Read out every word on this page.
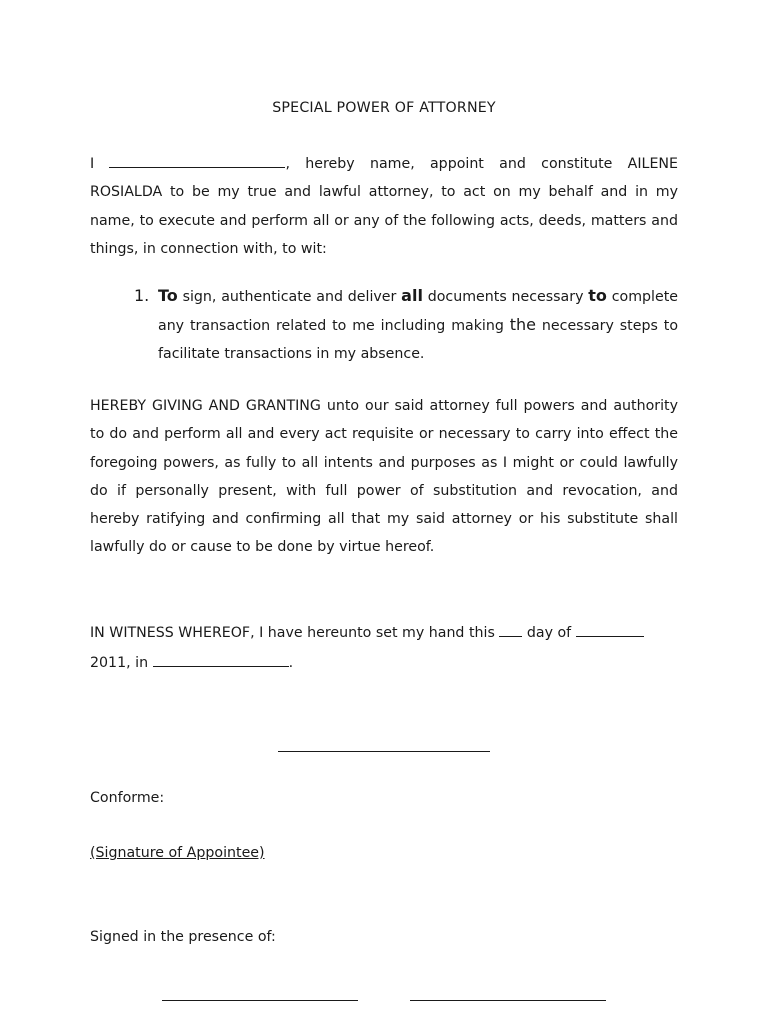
SPECIAL POWER OF ATTORNEY

I	, hereby name, appoint and constitute AILENE ROSIALDA to be my true and lawful attorney, to act on my behalf and in my name, to execute and perform all or any of the following acts, deeds, matters and things, in connection with, to wit:

1. To sign, authenticate and deliver all documents necessary to complete any transaction related to me including making the necessary steps to facilitate transactions in my absence.

HEREBY GIVING AND GRANTING unto our said attorney full powers and authority to do and perform all and every act requisite or necessary to carry into effect the foregoing powers, as fully to all intents and purposes as I might or could lawfully do if personally present, with full power of substitution and revocation, and hereby ratifying and confirming all that my said attorney or his substitute shall lawfully do or cause to be done by virtue hereof.

IN WITNESS WHEREOF, I have hereunto set my hand this  day of
2011, in	.
Conforme:
(Signature of Appointee)
Signed in the presence of:
